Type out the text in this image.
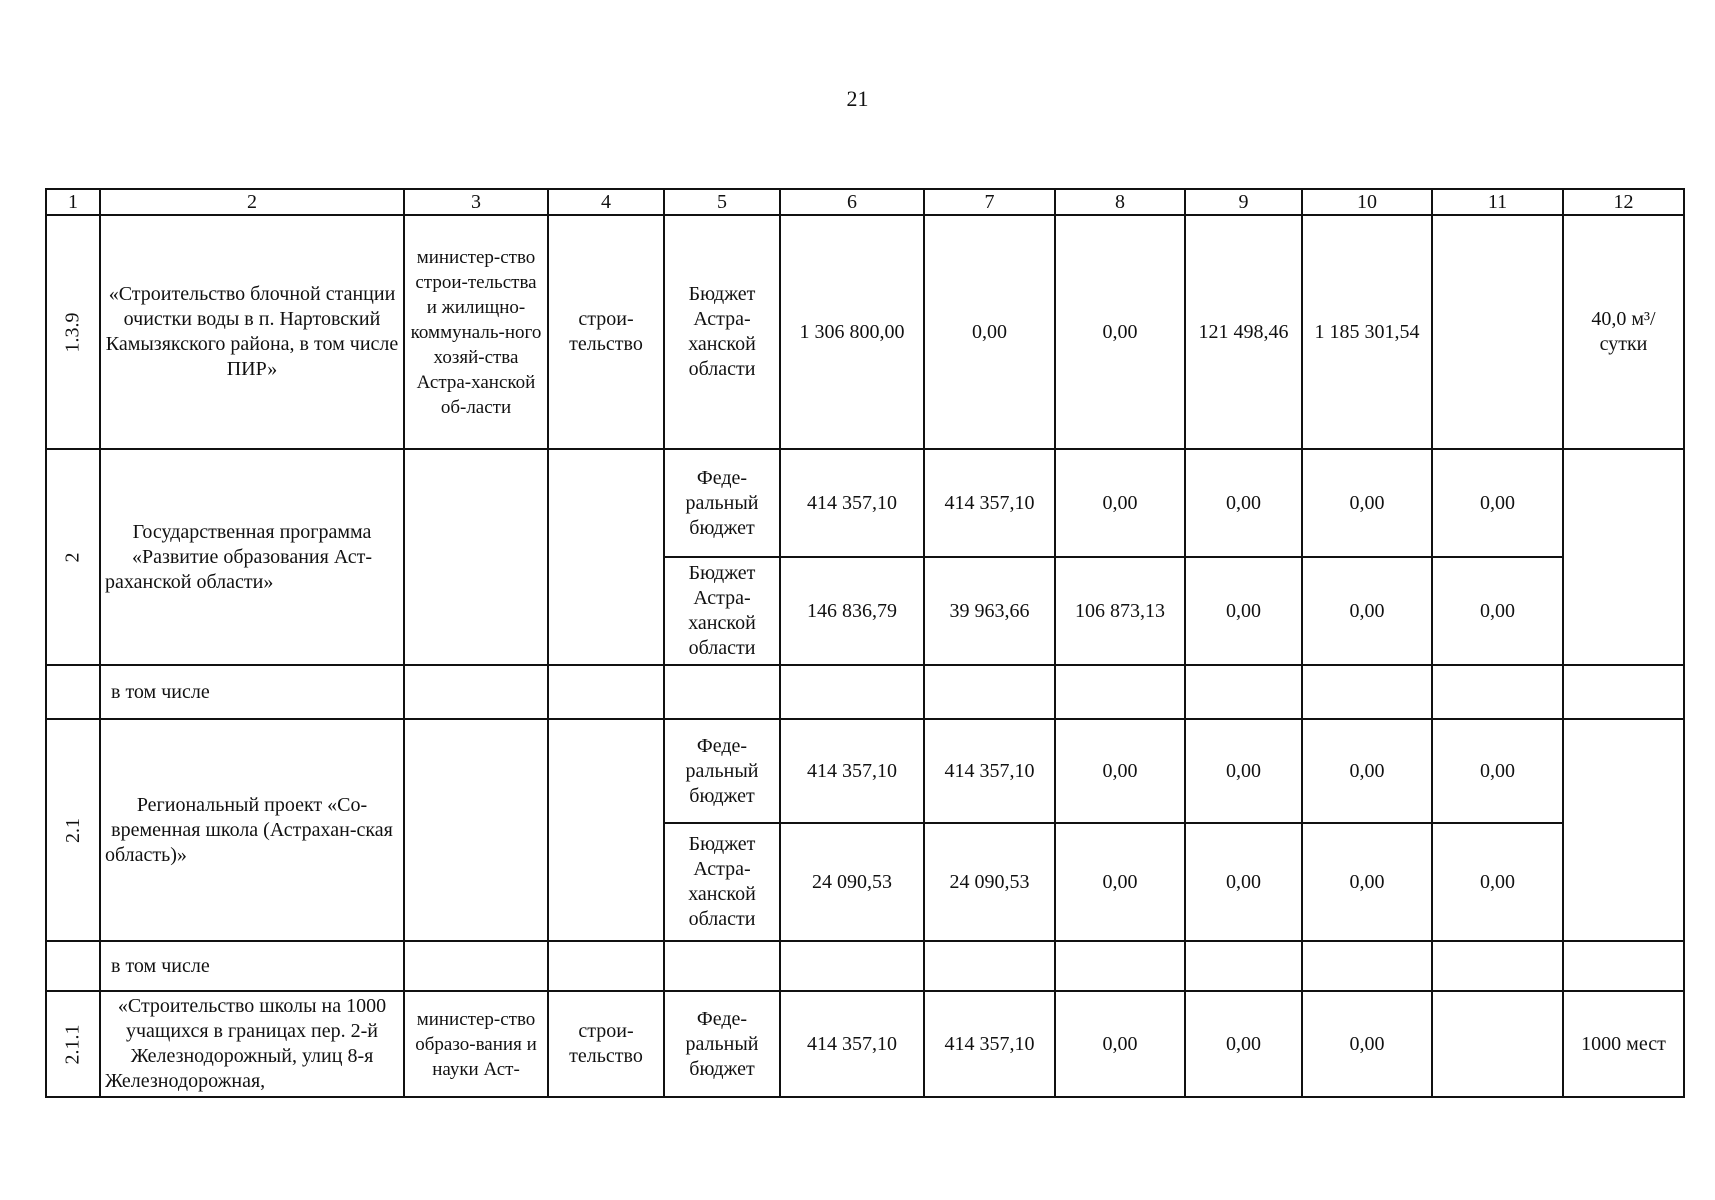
21
1	2	3	4	5	6	7	8	9	10	11	12
1.3.9	«Строительство блочной станции очистки воды в п. Нартовский Камызякского района, в том числе ПИР»	министер-ство строи-тельства и жилищно-коммуналь-ного хозяй-ства Астра-ханской об-ласти	строи-тельство	Бюджет Астра-ханской области	1 306 800,00	0,00	0,00	121 498,46	1 185 301,54		40,0 м³/сутки
2	Государственная программа «Развитие образования Аст-раханской области»			Феде-ральный бюджет	414 357,10	414 357,10	0,00	0,00	0,00	0,00	
				Бюджет Астра-ханской области	146 836,79	39 963,66	106 873,13	0,00	0,00	0,00	
	в том числе										
2.1	Региональный проект «Со-временная школа (Астрахан-ская область)»			Феде-ральный бюджет	414 357,10	414 357,10	0,00	0,00	0,00	0,00	
				Бюджет Астра-ханской области	24 090,53	24 090,53	0,00	0,00	0,00	0,00	
	в том числе										
2.1.1	«Строительство школы на 1000 учащихся в границах пер. 2-й Железнодорожный, улиц 8-я Железнодорожная,	министер-ство образо-вания и науки Аст-	строи-тельство	Феде-ральный бюджет	414 357,10	414 357,10	0,00	0,00	0,00		1000 мест
